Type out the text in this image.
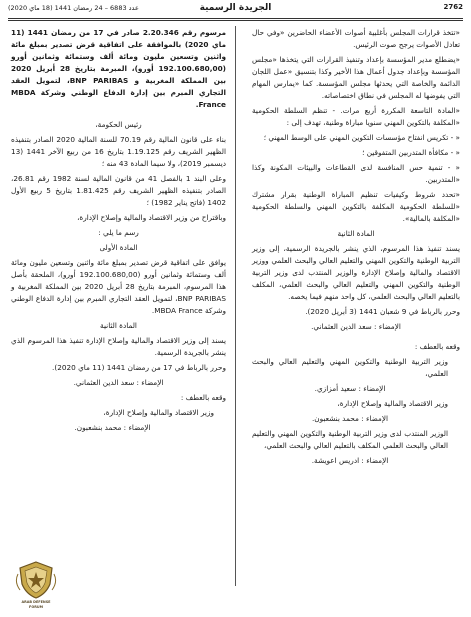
2762
الجريدة الرسمية
عدد 6883 – 24 رمضان 1441 (18 ماي 2020)

«تتخذ قرارات المجلس بأغلبية أصوات الأعضاء الحاضرين «وفي حال تعادل الأصوات يرجح صوت الرئيس.

«يضطلع مدير المؤسسة بإعداد وتنفيذ القرارات التي يتخذها «مجلس المؤسسة وبإعداد جدول أعمال هذا الأخير وكذا بتنسيق «عمل اللجان الدائمة والخاصة التي يحدثها مجلس المؤسسة. كما «يمارس المهام التي يفوضها له المجلس في نطاق اختصاصاته.

«المادة التاسعة المكررة أربع مرات. - تنظم السلطة الحكومية «المكلفة بالتكوين المهني سنويا مباراة وطنية، تهدف إلى :

« - تكريس انفتاح مؤسسات التكوين المهني على الوسط المهني ؛

« - مكافأة المتدربين المتفوقين ؛

« - تنمية حس المنافسة لدى القطاعات والبيئات المكونة وكذا «المتدربين.

«تحدد شروط وكيفيات تنظيم المباراة الوطنية بقرار مشترك «للسلطة الحكومية المكلفة بالتكوين المهني والسلطة الحكومية «المكلفة بالمالية».

المادة الثانية

يسند تنفيذ هذا المرسوم، الذي ينشر بالجريدة الرسمية، إلى وزير التربية الوطنية والتكوين المهني والتعليم العالي والبحث العلمي ووزير الاقتصاد والمالية وإصلاح الإدارة والوزير المنتدب لدى وزير التربية الوطنية والتكوين المهني والتعليم العالي والبحث العلمي، المكلف بالتعليم العالي والبحث العلمي، كل واحد منهم فيما يخصه.

وحرر بالرباط في 9 شعبان 1441 (3 أبريل 2020).

الإمضاء : سعد الدين العثماني.

وقعه بالعطف :

وزير التربية الوطنية والتكوين المهني والتعليم العالي والبحث العلمي،

الإمضاء : سعيد أمزازي.

وزير الاقتصاد والمالية وإصلاح الإدارة،

الإمضاء : محمد بنشعبون.

الوزير المنتدب لدى وزير التربية الوطنية والتكوين المهني والتعليم العالي والبحث العلمي المكلف بالتعليم العالي والبحث العلمي،

الإمضاء : ادريس اعويشة.

مرسوم رقم 2.20.346 صادر في 17 من رمضان 1441 (11 ماي 2020) بالموافقة على اتفاقية قرض تصدير بمبلغ مائة واثنين وتسعين مليون ومائة ألف وستمائة وثمانين أورو (192.100.680,00 أورو)، المبرمة بتاريخ 28 أبريل 2020 بين المملكة المغربية و BNP PARIBAS، لتمويل العقد التجاري المبرم بين إدارة الدفاع الوطني وشركة MBDA France.

رئيس الحكومة،

بناء على قانون المالية رقم 70.19 للسنة المالية 2020 الصادر بتنفيذه الظهير الشريف رقم 1.19.125 بتاريخ 16 من ربيع الآخر 1441 (13 ديسمبر 2019)، ولا سيما المادة 43 منه ؛

وعلى البند 1 بالفصل 41 من قانون المالية لسنة 1982 رقم 26.81، الصادر بتنفيذه الظهير الشريف رقم 1.81.425 بتاريخ 5 ربيع الأول 1402 (فاتح يناير 1982) ؛

وباقتراح من وزير الاقتصاد والمالية وإصلاح الإدارة،

رسم ما يلي :

المادة الأولى

يوافق على اتفاقية قرض تصدير بمبلغ مائة واثنين وتسعين مليون ومائة ألف وستمائة وثمانين أورو (192.100.680,00 أورو)، الملحقة بأصل هذا المرسوم، المبرمة بتاريخ 28 أبريل 2020 بين المملكة المغربية و BNP PARIBAS، لتمويل العقد التجاري المبرم بين إدارة الدفاع الوطني وشركة MBDA France.

المادة الثانية

يسند إلى وزير الاقتصاد والمالية وإصلاح الإدارة تنفيذ هذا المرسوم الذي ينشر بالجريدة الرسمية.

وحرر بالرباط في 17 من رمضان 1441 (11 ماي 2020).

الإمضاء : سعد الدين العثماني.

وقعه بالعطف :

وزير الاقتصاد والمالية وإصلاح الإدارة،

الإمضاء : محمد بنشعبون.

ARAB DEFENSE FORUM
